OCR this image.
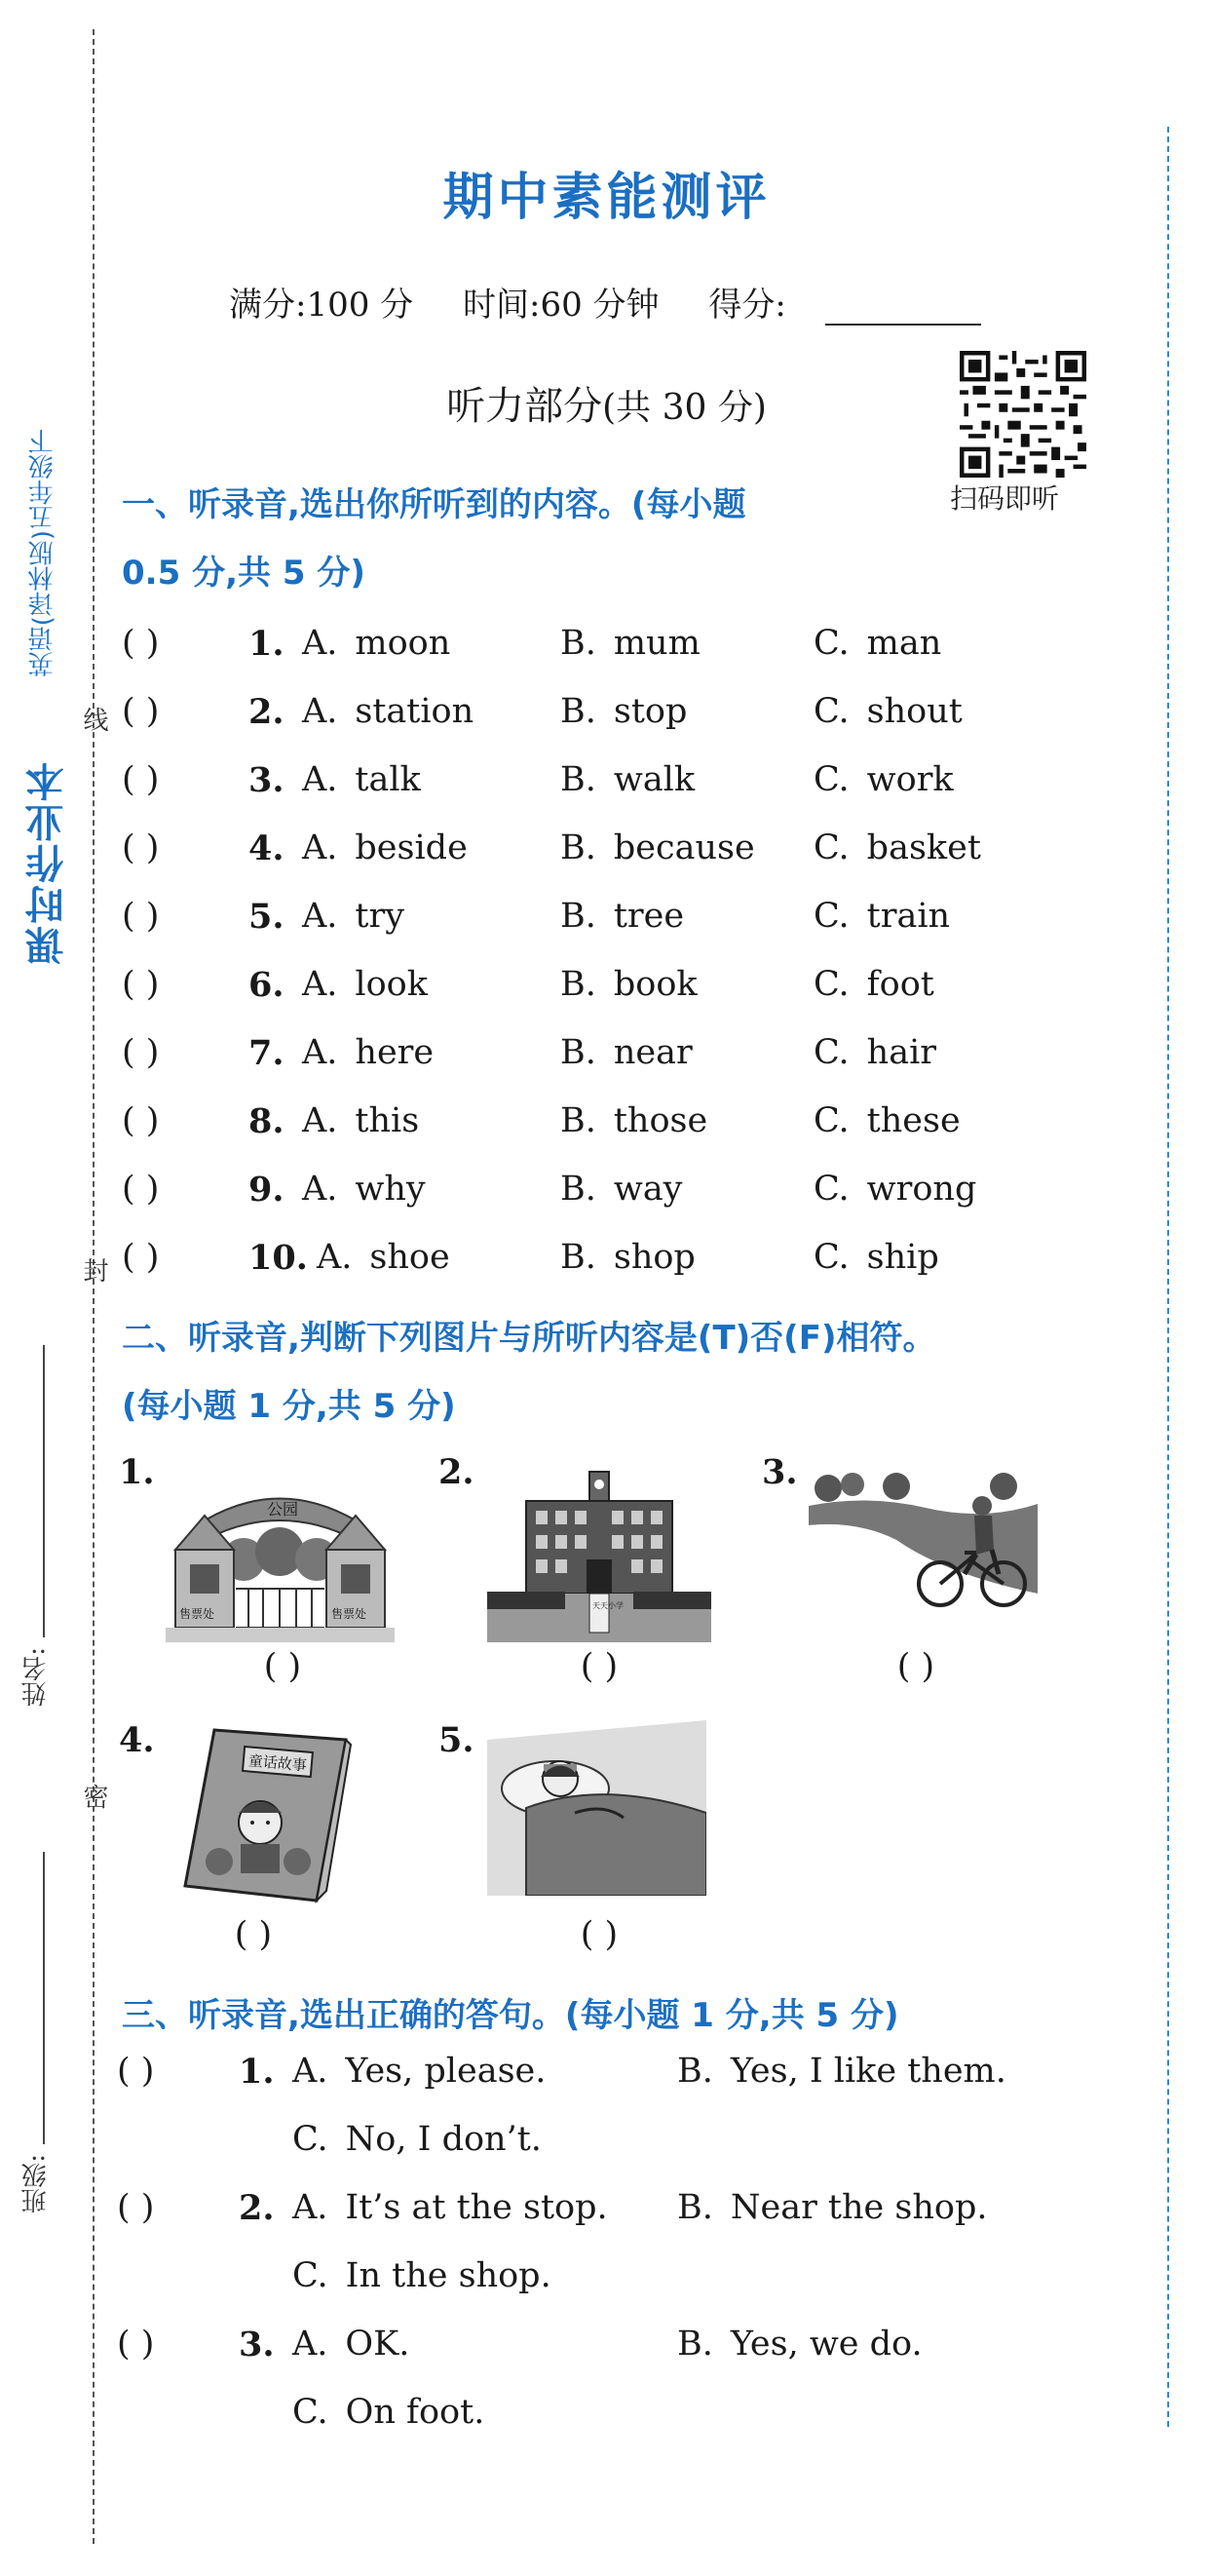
课时作业本
英语(译林版)五年级下
线
封
密
姓名:
班级:
期中素能测评
满分:100 分 时间:60 分钟 得分:
听力部分(共 30 分)
扫码即听
一、听录音,选出你所听到的内容。(每小题
0.5 分,共 5 分)
( )	1. A. moon	B. mum	C. man
( )	2. A. station	B. stop	C. shout
( )	3. A. talk	B. walk	C. work
( )	4. A. beside	B. because C. basket
( )	5. A. try	B. tree	C. train
( )	6. A. look	B. book	C. foot
( )	7. A. here	B. near	C. hair
( )	8. A. this	B. those	C. these
( )	9. A. why	B. way	C. wrong
( )	10. A. shoe	B. shop	C. ship
二、听录音,判断下列图片与所听内容是(T)否(F)相符。
(每小题 1 分,共 5 分)
1.
公园
售票处	售票处
( )
2.
天天小学
( )
3.
( )
4.
童话故事
( )
5.
( )
三、听录音,选出正确的答句。(每小题 1 分,共 5 分)
( ) 1. A. Yes, please.	B. Yes, I like them.
C. No, I don’t.
( ) 2. A. It’s at the stop. B. Near the shop.
C. In the shop.
( ) 3. A. OK.	B. Yes, we do.
C. On foot.
